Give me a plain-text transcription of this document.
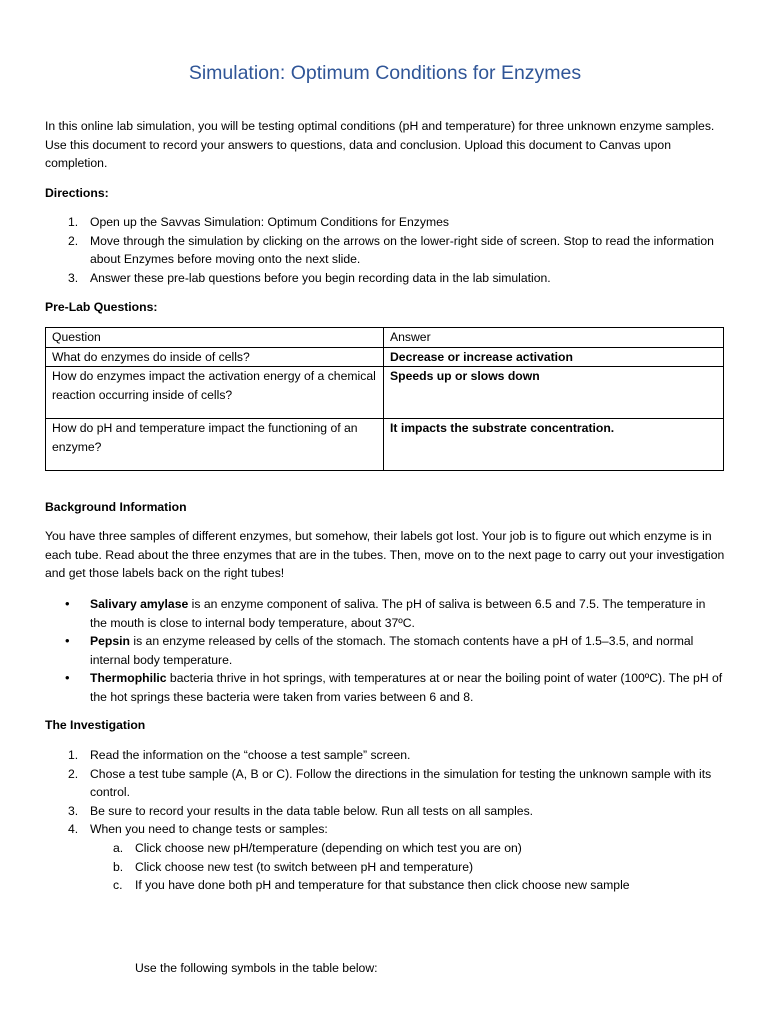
Simulation: Optimum Conditions for Enzymes

In this online lab simulation, you will be testing optimal conditions (pH and temperature) for three unknown enzyme samples. Use this document to record your answers to questions, data and conclusion. Upload this document to Canvas upon completion.

Directions:

1. Open up the Savvas Simulation: Optimum Conditions for Enzymes
2. Move through the simulation by clicking on the arrows on the lower-right side of screen. Stop to read the information about Enzymes before moving onto the next slide.
3. Answer these pre-lab questions before you begin recording data in the lab simulation.

Pre-Lab Questions:

Question	Answer
What do enzymes do inside of cells?	Decrease or increase activation
How do enzymes impact the activation energy of a chemical reaction occurring inside of cells?	Speeds up or slows down
How do pH and temperature impact the functioning of an enzyme?	It impacts the substrate concentration.

Background Information

You have three samples of different enzymes, but somehow, their labels got lost. Your job is to figure out which enzyme is in each tube. Read about the three enzymes that are in the tubes. Then, move on to the next page to carry out your investigation and get those labels back on the right tubes!

• Salivary amylase is an enzyme component of saliva. The pH of saliva is between 6.5 and 7.5. The temperature in the mouth is close to internal body temperature, about 37ºC.
• Pepsin is an enzyme released by cells of the stomach. The stomach contents have a pH of 1.5–3.5, and normal internal body temperature.
• Thermophilic bacteria thrive in hot springs, with temperatures at or near the boiling point of water (100ºC). The pH of the hot springs these bacteria were taken from varies between 6 and 8.

The Investigation

1. Read the information on the “choose a test sample” screen.
2. Chose a test tube sample (A, B or C). Follow the directions in the simulation for testing the unknown sample with its control.
3. Be sure to record your results in the data table below. Run all tests on all samples.
4. When you need to change tests or samples:
a. Click choose new pH/temperature (depending on which test you are on)
b. Click choose new test (to switch between pH and temperature)
c. If you have done both pH and temperature for that substance then click choose new sample

Use the following symbols in the table below:
